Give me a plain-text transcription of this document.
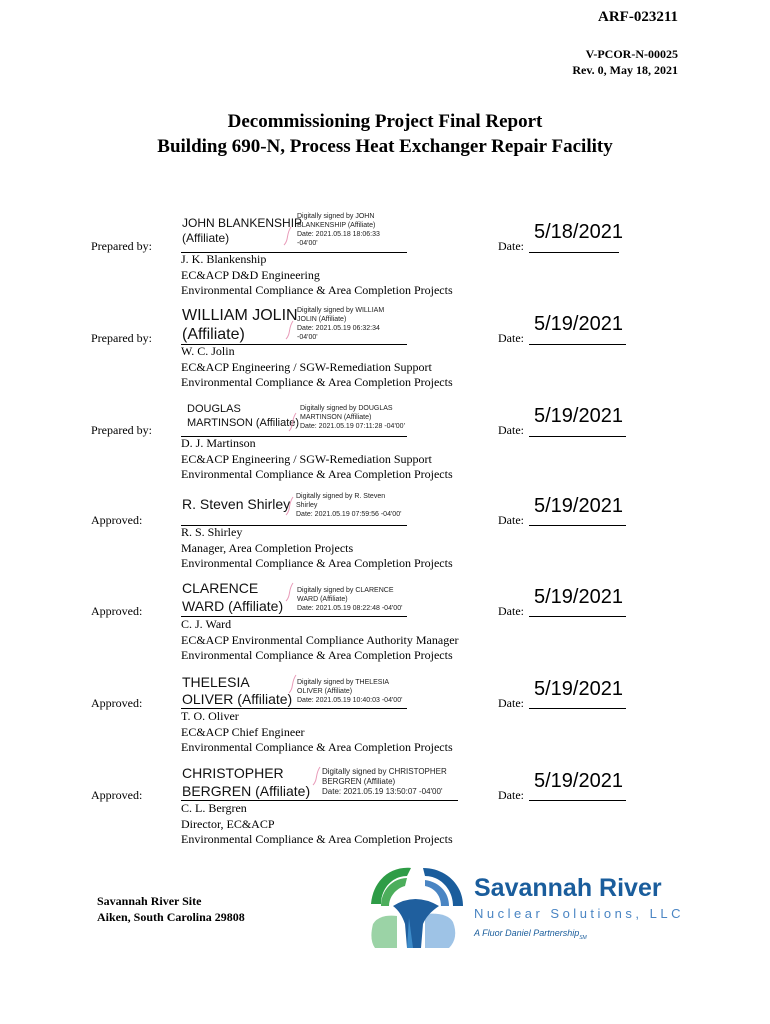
ARF-023211
V-PCOR-N-00025
Rev. 0, May 18, 2021
Decommissioning Project Final Report
Building 690-N, Process Heat Exchanger Repair Facility
Prepared by:
JOHN BLANKENSHIP
(Affiliate)
Digitally signed by JOHN
BLANKENSHIP (Affiliate)
Date: 2021.05.18 18:06:33
-04'00'
J. K. Blankenship
EC&ACP D&D Engineering
Environmental Compliance & Area Completion Projects
Date:
5/18/2021
Prepared by:
WILLIAM JOLIN
(Affiliate)
Digitally signed by WILLIAM
JOLIN (Affiliate)
Date: 2021.05.19 06:32:34
-04'00'
W. C. Jolin
EC&ACP Engineering / SGW-Remediation Support
Environmental Compliance & Area Completion Projects
Date:
5/19/2021
Prepared by:
DOUGLAS
MARTINSON (Affiliate)
Digitally signed by DOUGLAS
MARTINSON (Affiliate)
Date: 2021.05.19 07:11:28 -04'00'
D. J. Martinson
EC&ACP Engineering / SGW-Remediation Support
Environmental Compliance & Area Completion Projects
Date:
5/19/2021
Approved:
R. Steven Shirley Digitally signed by R. Steven
Shirley
Date: 2021.05.19 07:59:56 -04'00'
R. S. Shirley
Manager, Area Completion Projects
Environmental Compliance & Area Completion Projects
Date:
5/19/2021
Approved:
CLARENCE
WARD (Affiliate)
Digitally signed by CLARENCE
WARD (Affiliate)
Date: 2021.05.19 08:22:48 -04'00'
C. J. Ward
EC&ACP Environmental Compliance Authority Manager
Environmental Compliance & Area Completion Projects
Date:
5/19/2021
Approved:
THELESIA
OLIVER (Affiliate)
Digitally signed by THELESIA
OLIVER (Affiliate)
Date: 2021.05.19 10:40:03 -04'00'
T. O. Oliver
EC&ACP Chief Engineer
Environmental Compliance & Area Completion Projects
Date:
5/19/2021
Approved:
CHRISTOPHER
BERGREN (Affiliate)
Digitally signed by CHRISTOPHER
BERGREN (Affiliate)
Date: 2021.05.19 13:50:07 -04'00'
C. L. Bergren
Director, EC&ACP
Environmental Compliance & Area Completion Projects
Date:
5/19/2021
Savannah River Site
Aiken, South Carolina 29808
Savannah River
Nuclear Solutions, LLC
A Fluor Daniel Partnership$_{SM}$
